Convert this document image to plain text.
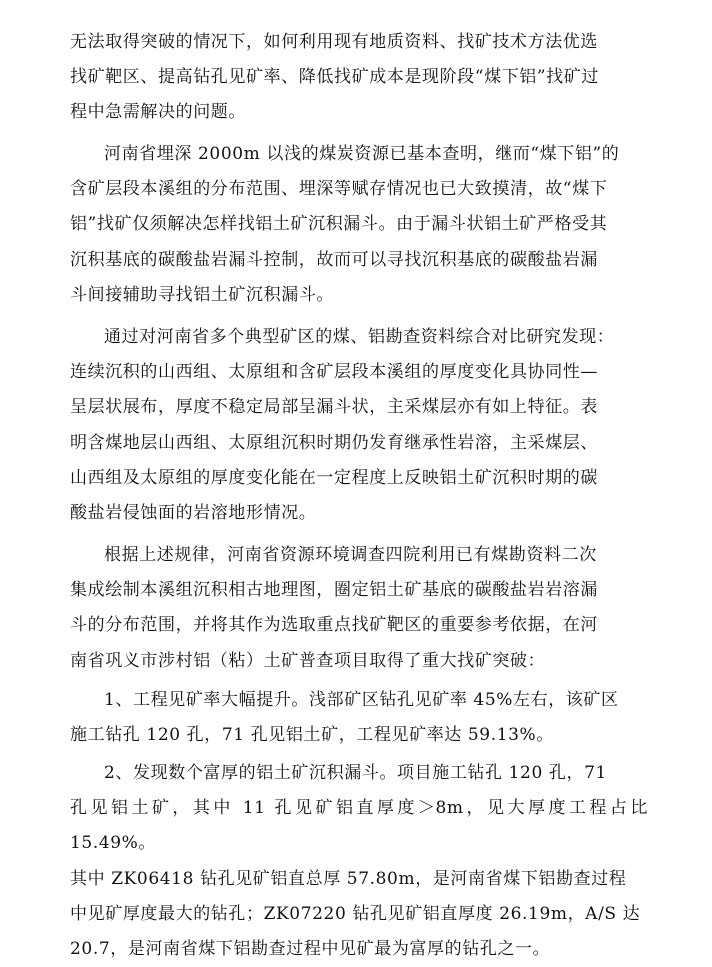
无法取得突破的情况下，如何利用现有地质资料、找矿技术方法优选
找矿靶区、提高钻孔见矿率、降低找矿成本是现阶段“煤下铝”找矿过
程中急需解决的问题。

河南省埋深 2000m 以浅的煤炭资源已基本查明，继而“煤下铝”的
含矿层段本溪组的分布范围、埋深等赋存情况也已大致摸清，故“煤下
铝”找矿仅须解决怎样找铝土矿沉积漏斗。由于漏斗状铝土矿严格受其
沉积基底的碳酸盐岩漏斗控制，故而可以寻找沉积基底的碳酸盐岩漏
斗间接辅助寻找铝土矿沉积漏斗。

通过对河南省多个典型矿区的煤、铝勘查资料综合对比研究发现：
连续沉积的山西组、太原组和含矿层段本溪组的厚度变化具协同性—
呈层状展布，厚度不稳定局部呈漏斗状，主采煤层亦有如上特征。表
明含煤地层山西组、太原组沉积时期仍发育继承性岩溶，主采煤层、
山西组及太原组的厚度变化能在一定程度上反映铝土矿沉积时期的碳
酸盐岩侵蚀面的岩溶地形情况。

根据上述规律，河南省资源环境调查四院利用已有煤勘资料二次
集成绘制本溪组沉积相古地理图，圈定铝土矿基底的碳酸盐岩岩溶漏
斗的分布范围，并将其作为选取重点找矿靶区的重要参考依据，在河
南省巩义市涉村铝（粘）土矿普查项目取得了重大找矿突破：

1、工程见矿率大幅提升。浅部矿区钻孔见矿率 45%左右，该矿区
施工钻孔 120 孔，71 孔见铝土矿，工程见矿率达 59.13%。

2、发现数个富厚的铝土矿沉积漏斗。项目施工钻孔 120 孔，71
孔见铝土矿，其中 11 孔见矿铝直厚度＞8m，见大厚度工程占比 15.49%。
其中 ZK06418 钻孔见矿铝直总厚 57.80m，是河南省煤下铝勘查过程
中见矿厚度最大的钻孔；ZK07220 钻孔见矿铝直厚度 26.19m，A/S 达
20.7，是河南省煤下铝勘查过程中见矿最为富厚的钻孔之一。
